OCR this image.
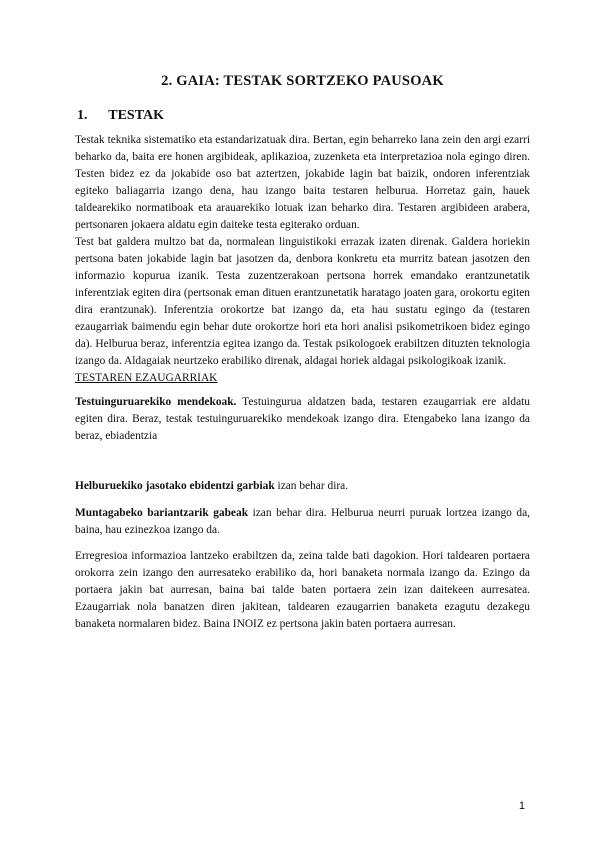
2. GAIA: TESTAK SORTZEKO PAUSOAK
1. TESTAK

Testak teknika sistematiko eta estandarizatuak dira. Bertan, egin beharreko lana zein den argi ezarri beharko da, baita ere honen argibideak, aplikazioa, zuzenketa eta interpretazioa nola egingo diren. Testen bidez ez da jokabide oso bat aztertzen, jokabide lagin bat baizik, ondoren inferentziak egiteko baliagarria izango dena, hau izango baita testaren helburua. Horretaz gain, hauek taldearekiko normatiboak eta arauarekiko lotuak izan beharko dira. Testaren argibideen arabera, pertsonaren jokaera aldatu egin daiteke testa egiterako orduan.

Test bat galdera multzo bat da, normalean linguistikoki errazak izaten direnak. Galdera horiekin pertsona baten jokabide lagin bat jasotzen da, denbora konkretu eta murritz batean jasotzen den informazio kopurua izanik. Testa zuzentzerakoan pertsona horrek emandako erantzunetatik inferentziak egiten dira (pertsonak eman dituen erantzunetatik haratago joaten gara, orokortu egiten dira erantzunak). Inferentzia orokortze bat izango da, eta hau sustatu egingo da (testaren ezaugarriak baimendu egin behar dute orokortze hori eta hori analisi psikometrikoen bidez egingo da). Helburua beraz, inferentzia egitea izango da. Testak psikologoek erabiltzen dituzten teknologia izango da. Aldagaiak neurtzeko erabiliko direnak, aldagai horiek aldagai psikologikoak izanik.

TESTAREN EZAUGARRIAK

Testuinguruarekiko mendekoak. Testuingurua aldatzen bada, testaren ezaugarriak ere aldatu egiten dira. Beraz, testak testuinguruarekiko mendekoak izango dira. Etengabeko lana izango da beraz, ebiadentzia

Helburuekiko jasotako ebidentzi garbiak izan behar dira.

Muntagabeko bariantzarik gabeak izan behar dira. Helburua neurri puruak lortzea izango da, baina, hau ezinezkoa izango da.

Erregresioa informazioa lantzeko erabiltzen da, zeina talde bati dagokion. Hori taldearen portaera orokorra zein izango den aurresateko erabiliko da, hori banaketa normala izango da. Ezingo da portaera jakin bat aurresan, baina bai talde baten portaera zein izan daitekeen aurresatea. Ezaugarriak nola banatzen diren jakitean, taldearen ezaugarrien banaketa ezagutu dezakegu banaketa normalaren bidez. Baina INOIZ ez pertsona jakin baten portaera aurresan.

1
